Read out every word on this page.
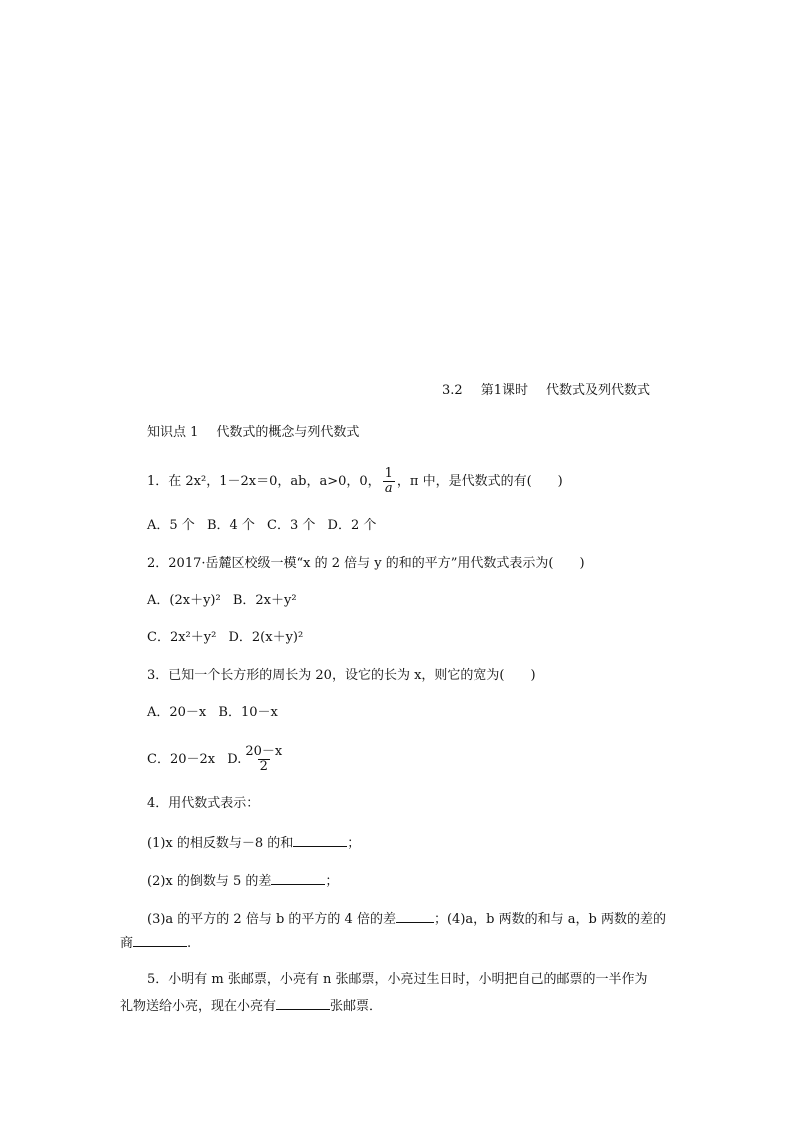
3.2 第1课时 代数式及列代数式
知识点 1 代数式的概念与列代数式
1．在 2x²，1－2x＝0，ab，a>0，0， $\frac{1}{a}$ ，π 中，是代数式的有(　　)
A．5 个 B．4 个 C．3 个 D．2 个
2．2017·岳麓区校级一模“x 的 2 倍与 y 的和的平方”用代数式表示为(　　)
A．(2x＋y)² B．2x＋y²
C．2x²＋y² D．2(x＋y)²
3．已知一个长方形的周长为 20，设它的长为 x，则它的宽为(　　)
A．20－x B．10－x
C．20－2x D. $\frac{20-x}{2}$
4．用代数式表示：
(1)x 的相反数与－8 的和	；
(2)x 的倒数与 5 的差	；
(3)a 的平方的 2 倍与 b 的平方的 4 倍的差	；(4)a，b 两数的和与 a，b 两数的差的
商	.
5．小明有 m 张邮票，小亮有 n 张邮票，小亮过生日时，小明把自己的邮票的一半作为
礼物送给小亮，现在小亮有	张邮票．
